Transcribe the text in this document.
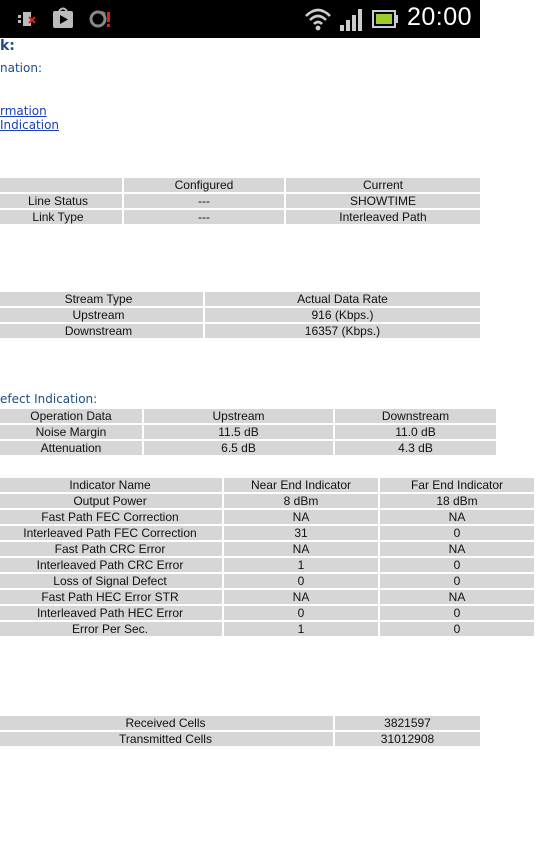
20:00
k:
nation:
rmation
Indication
	Configured	Current
Line Status	---	SHOWTIME
Link Type	---	Interleaved Path
Stream Type	Actual Data Rate
Upstream	916 (Kbps.)
Downstream	16357 (Kbps.)
efect Indication:
Operation Data	Upstream	Downstream
Noise Margin	11.5 dB	11.0 dB
Attenuation	6.5 dB	4.3 dB
Indicator Name	Near End Indicator	Far End Indicator
Output Power	8 dBm	18 dBm
Fast Path FEC Correction	NA	NA
Interleaved Path FEC Correction	31	0
Fast Path CRC Error	NA	NA
Interleaved Path CRC Error	1	0
Loss of Signal Defect	0	0
Fast Path HEC Error STR	NA	NA
Interleaved Path HEC Error	0	0
Error Per Sec.	1	0
Received Cells	3821597
Transmitted Cells	31012908
